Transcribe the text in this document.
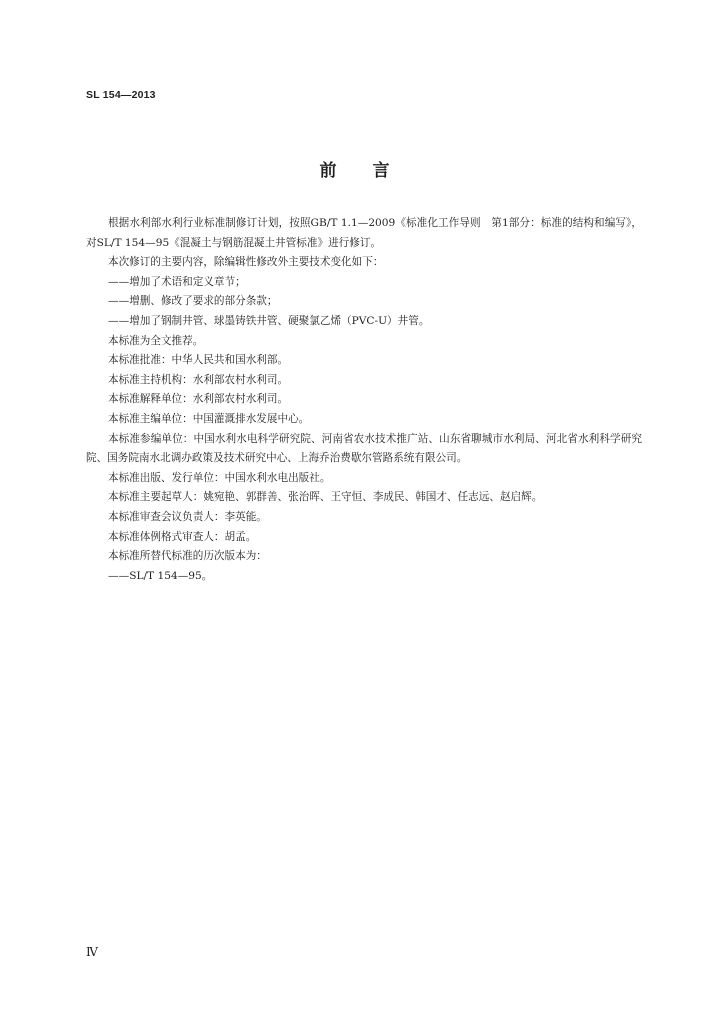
SL 154—2013
前 言

根据水利部水利行业标准制修订计划，按照GB/T 1.1—2009《标准化工作导则　第1部分：标准的结构和编写》，对SL/T 154—95《混凝土与钢筋混凝土井管标准》进行修订。

本次修订的主要内容，除编辑性修改外主要技术变化如下：

——增加了术语和定义章节；

——增删、修改了要求的部分条款；

——增加了钢制井管、球墨铸铁井管、硬聚氯乙烯（PVC-U）井管。

本标准为全文推荐。

本标准批准：中华人民共和国水利部。

本标准主持机构：水利部农村水利司。

本标准解释单位：水利部农村水利司。

本标准主编单位：中国灌溉排水发展中心。

本标准参编单位：中国水利水电科学研究院、河南省农水技术推广站、山东省聊城市水利局、河北省水利科学研究院、国务院南水北调办政策及技术研究中心、上海乔治费歇尔管路系统有限公司。

本标准出版、发行单位：中国水利水电出版社。

本标准主要起草人：姚宛艳、郭群善、张治晖、王守恒、李成民、韩国才、任志远、赵启辉。

本标准审查会议负责人：李英能。

本标准体例格式审查人：胡孟。

本标准所替代标准的历次版本为：

——SL/T 154—95。

Ⅳ
